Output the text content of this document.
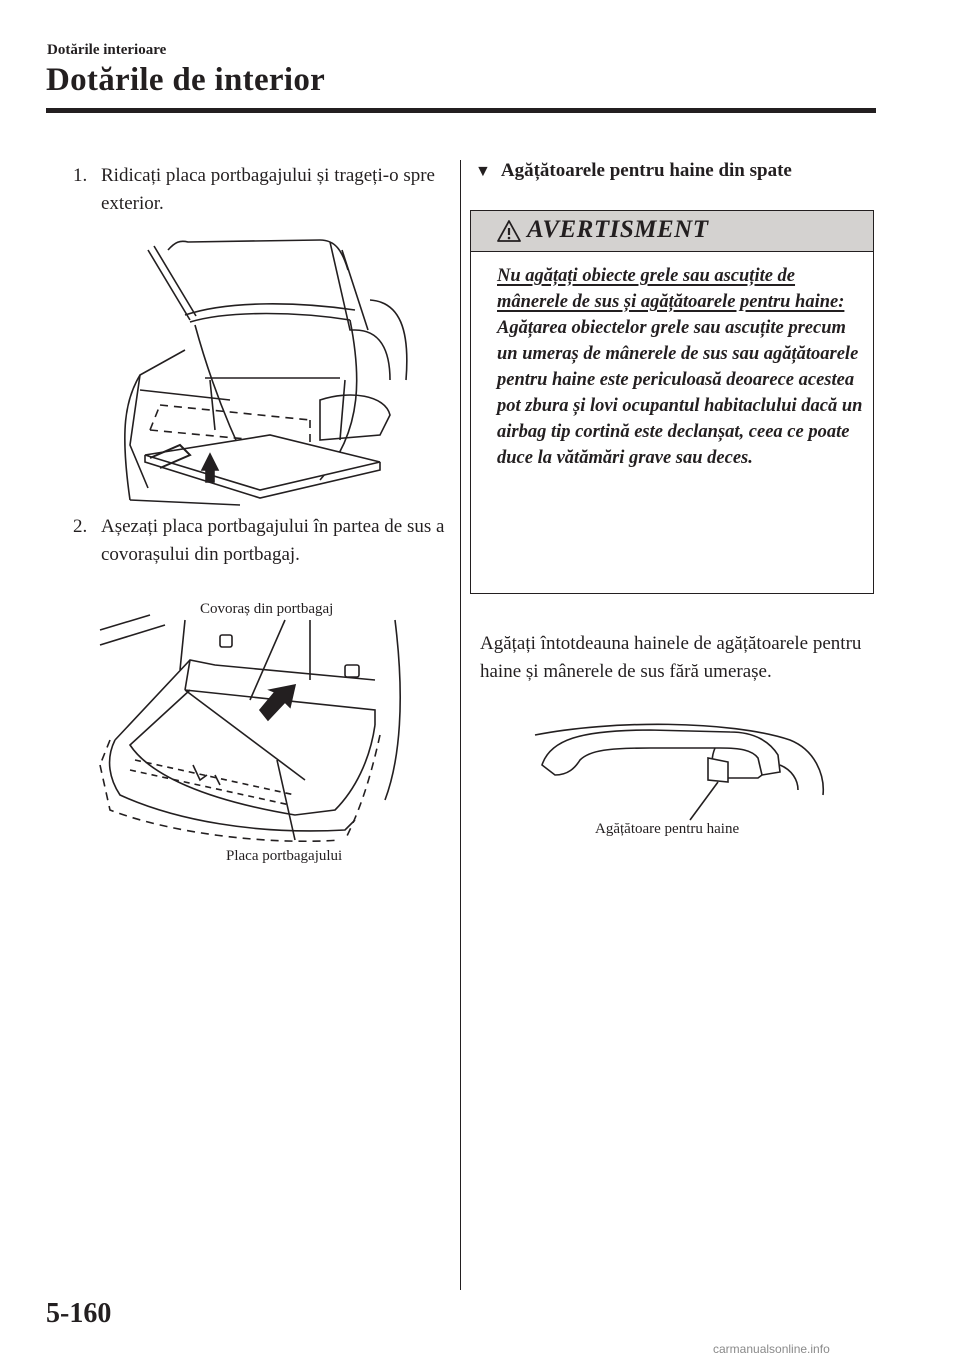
Dotările interioare
Dotările de interior
1. Ridicați placa portbagajului și trageți-o spre exterior.
2. Așezați placa portbagajului în partea de sus a covorașului din portbagaj.
Covoraș din portbagaj
Placa portbagajului
▼ Agățătoarele pentru haine din spate
AVERTISMENT
Nu agățați obiecte grele sau ascuțite de mânerele de sus și agățătoarele pentru haine:
Agățarea obiectelor grele sau ascuțite precum un umeraș de mânerele de sus sau agățătoarele pentru haine este periculoasă deoarece acestea pot zbura și lovi ocupantul habitaclului dacă un airbag tip cortină este declanșat, ceea ce poate duce la vătămări grave sau deces.
Agățați întotdeauna hainele de agățătoarele pentru haine și mânerele de sus fără umerașe.
Agățătoare pentru haine
5-160
carmanualsonline.info
